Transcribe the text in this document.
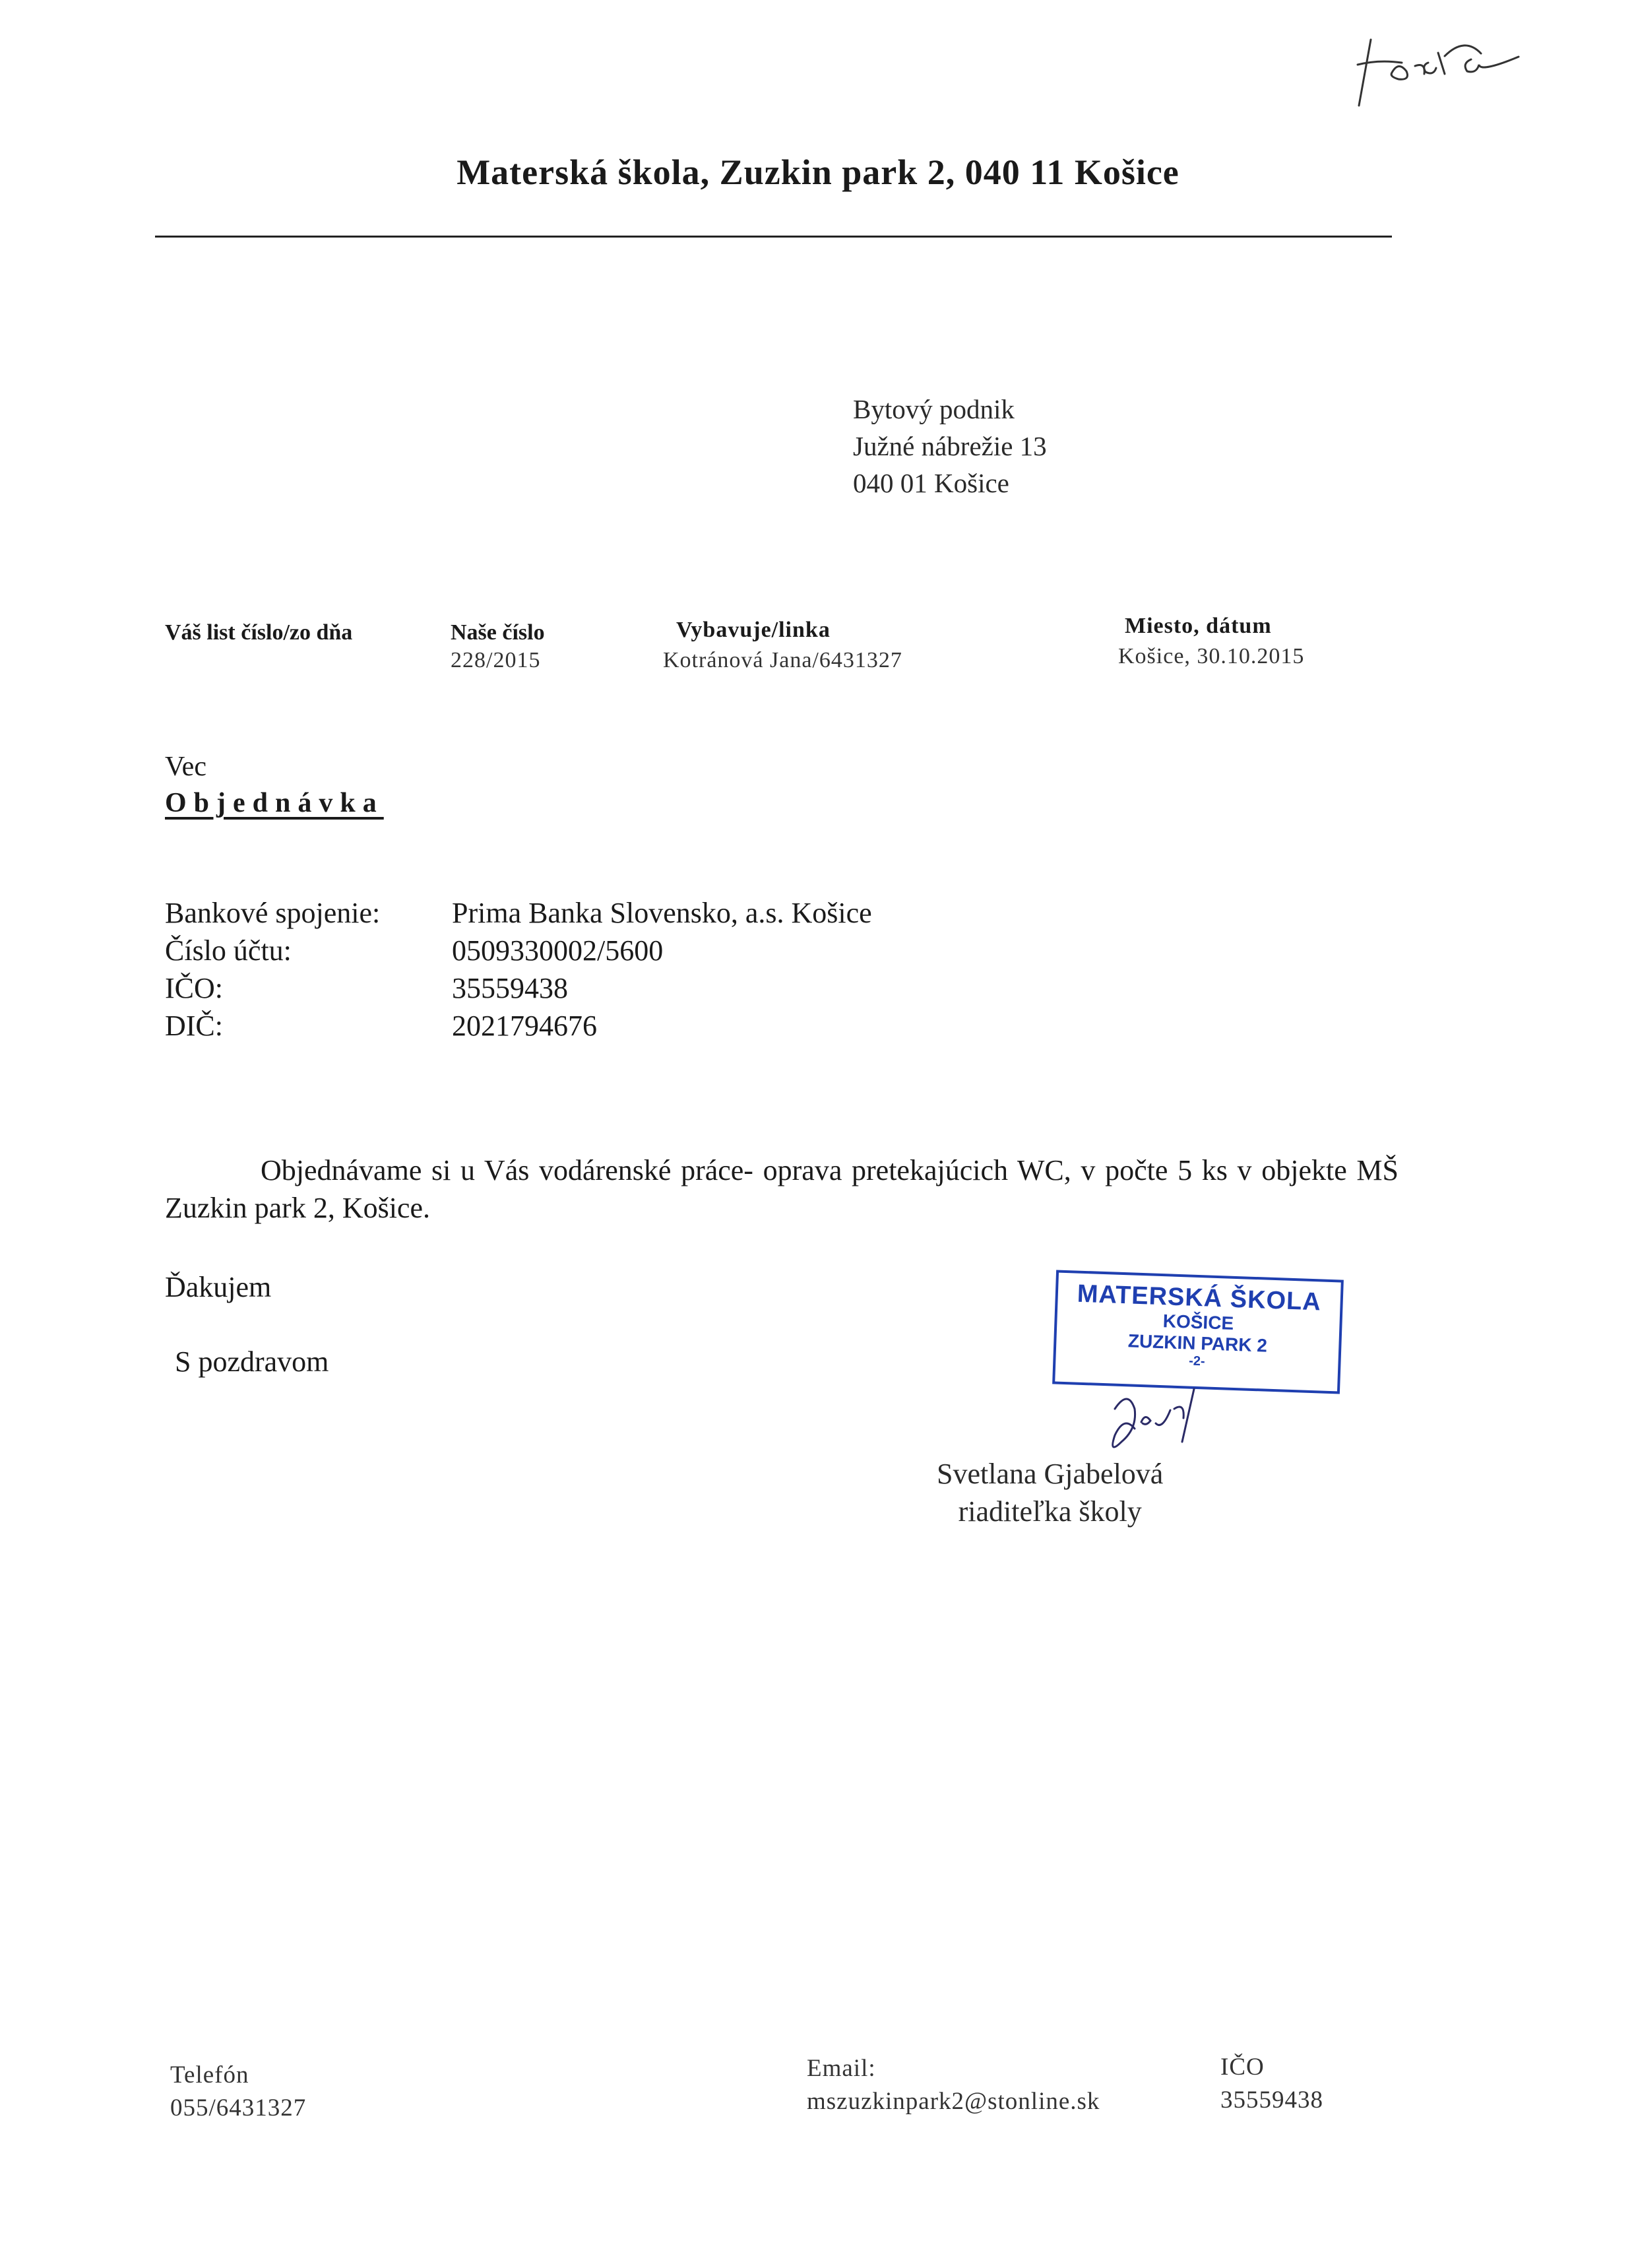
Materská škola, Zuzkin park 2, 040 11 Košice
Bytový podnik
Južné nábrežie 13
040 01 Košice
Váš list číslo/zo dňa	Naše číslo
228/2015
Vybavuje/linka
Kotránová Jana/6431327
Miesto, dátum
Košice, 30.10.2015
Vec
Objednávka
Bankové spojenie:
Číslo účtu:
IČO:
DIČ:
Prima Banka Slovensko, a.s. Košice
0509330002/5600
35559438
2021794676
Objednávame si u Vás vodárenské práce- oprava pretekajúcich WC, v počte 5 ks v objekte MŠ Zuzkin park 2, Košice.
Ďakujem
S pozdravom
MATERSKÁ ŠKOLA
KOŠICE
ZUZKIN PARK 2
-2-
Svetlana Gjabelová
riaditeľka školy
Telefón
055/6431327
Email:
mszuzkinpark2@stonline.sk
IČO
35559438
